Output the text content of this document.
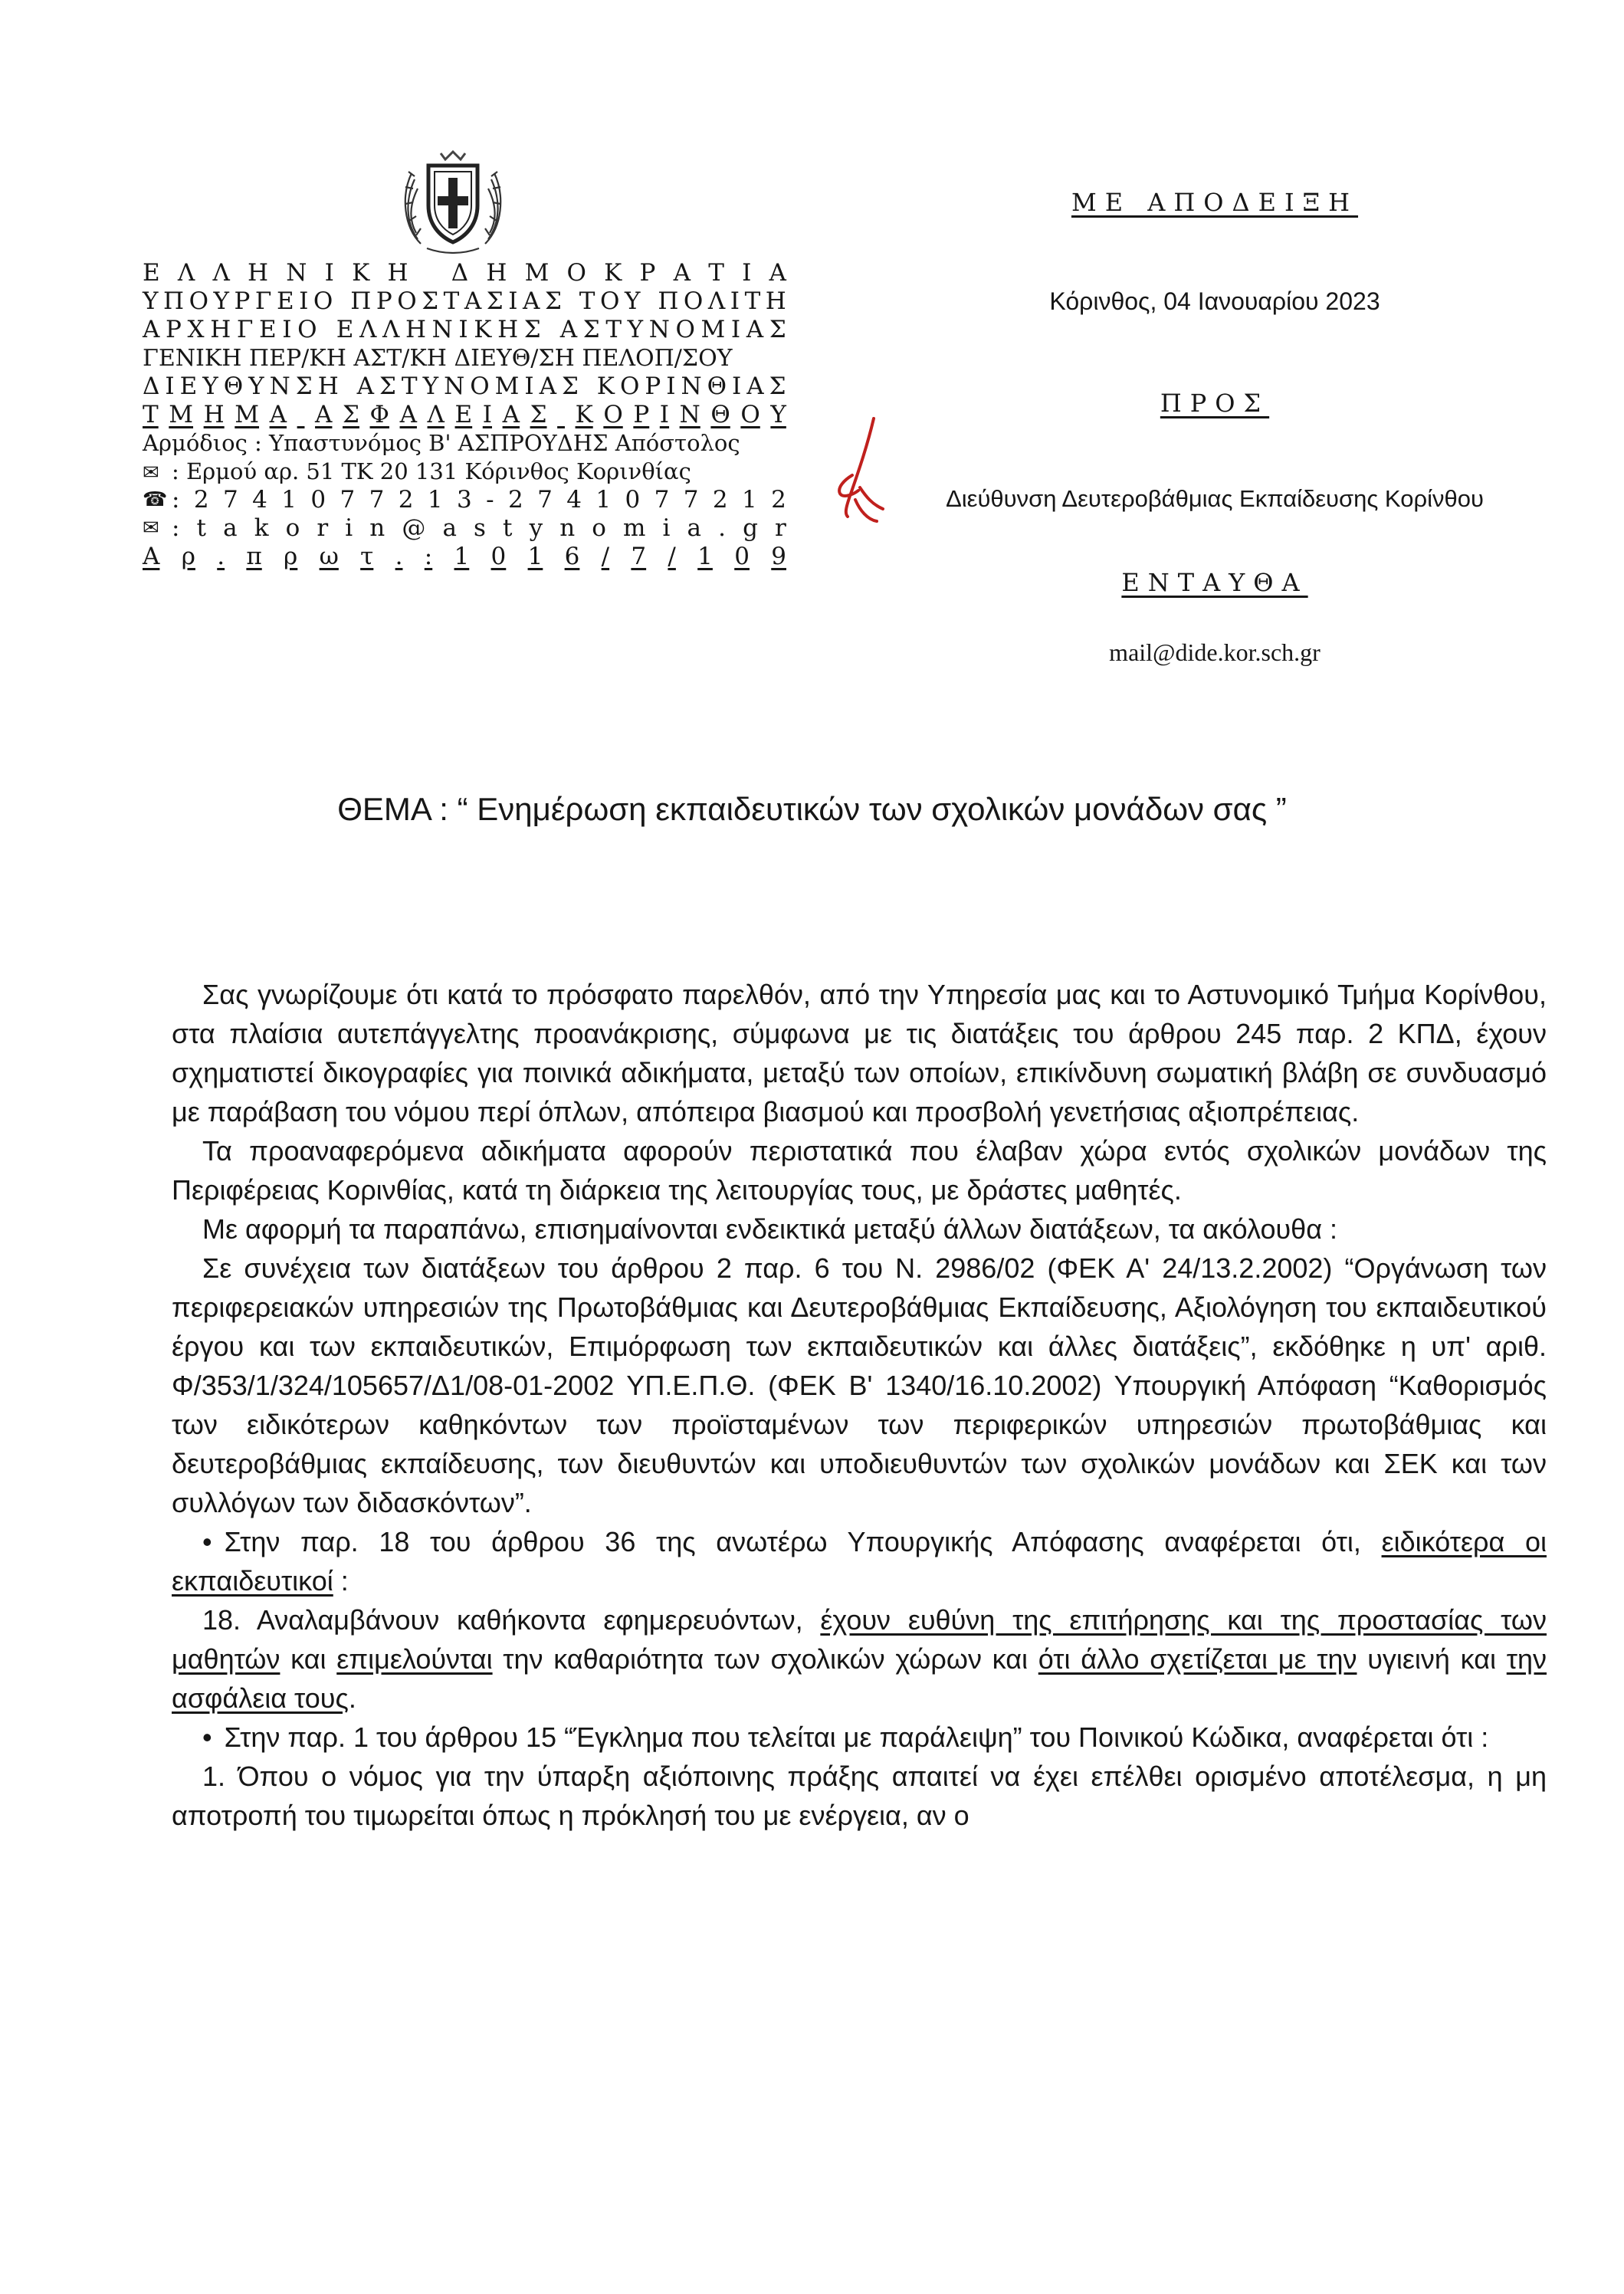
Ε Λ Λ Η Ν Ι Κ Η
Δ Η Μ Ο Κ Ρ Α Τ Ι Α
Υ Π Ο Υ Ρ Γ Ε Ι Ο
Π Ρ Ο Σ Τ Α Σ Ι Α Σ
Τ Ο Υ
Π Ο Λ Ι Τ Η
Α Ρ Χ Η Γ Ε Ι Ο
Ε Λ Λ Η Ν Ι Κ Η Σ
Α Σ Τ Υ Ν Ο Μ Ι Α Σ
ΓΕΝΙΚΗ ΠΕΡ/ΚΗ ΑΣΤ/ΚΗ ΔΙΕΥΘ/ΣΗ ΠΕΛΟΠ/ΣΟΥ
Δ Ι Ε Υ Θ Υ Ν Σ Η
Α Σ Τ Υ Ν Ο Μ Ι Α Σ
Κ Ο Ρ Ι Ν Θ Ι Α Σ
Τ Μ Η Μ Α
Α Σ Φ Α Λ Ε Ι Α Σ
Κ Ο Ρ Ι Ν Θ Ο Υ
Αρμόδιος : Υπαστυνόμος Β' ΑΣΠΡΟΥΔΗΣ Απόστολος
✉ : Ερμού αρ. 51 ΤΚ 20 131 Κόρινθος Κορινθίας
☎ : 2 7 4 1 0 7 7 2 1 3 - 2 7 4 1 0 7 7 2 1 2
✉ : t a k o r i n @ a s t y n o m i a . g r
Α ρ . π ρ ω τ . : 1 0 1 6 / 7 / 1 0 9
ΜΕ ΑΠΟΔΕΙΞΗ
Κόρινθος, 04 Ιανουαρίου 2023
ΠΡΟΣ
Διεύθυνση Δευτεροβάθμιας Εκπαίδευσης Κορίνθου
ΕΝΤΑΥΘΑ
mail@dide.kor.sch.gr
ΘΕΜΑ : “ Ενημέρωση εκπαιδευτικών των σχολικών μονάδων σας ”

Σας γνωρίζουμε ότι κατά το πρόσφατο παρελθόν, από την Υπηρεσία μας και το Αστυνομικό Τμήμα Κορίνθου, στα πλαίσια αυτεπάγγελτης προανάκρισης, σύμφωνα με τις διατάξεις του άρθρου 245 παρ. 2 ΚΠΔ, έχουν σχηματιστεί δικογραφίες για ποινικά αδικήματα, μεταξύ των οποίων, επικίνδυνη σωματική βλάβη σε συνδυασμό με παράβαση του νόμου περί όπλων, απόπειρα βιασμού και προσβολή γενετήσιας αξιοπρέπειας.

Τα προαναφερόμενα αδικήματα αφορούν περιστατικά που έλαβαν χώρα εντός σχολικών μονάδων της Περιφέρειας Κορινθίας, κατά τη διάρκεια της λειτουργίας τους, με δράστες μαθητές.

Με αφορμή τα παραπάνω, επισημαίνονται ενδεικτικά μεταξύ άλλων διατάξεων, τα ακόλουθα :

Σε συνέχεια των διατάξεων του άρθρου 2 παρ. 6 του Ν. 2986/02 (ΦΕΚ Α' 24/13.2.2002) “Οργάνωση των περιφερειακών υπηρεσιών της Πρωτοβάθμιας και Δευτεροβάθμιας Εκπαίδευσης, Αξιολόγηση του εκπαιδευτικού έργου και των εκπαιδευτικών, Επιμόρφωση των εκπαιδευτικών και άλλες διατάξεις”, εκδόθηκε η υπ' αριθ. Φ/353/1/324/105657/Δ1/08-01-2002 ΥΠ.Ε.Π.Θ. (ΦΕΚ Β' 1340/16.10.2002) Υπουργική Απόφαση “Καθορισμός των ειδικότερων καθηκόντων των προϊσταμένων των περιφερικών υπηρεσιών πρωτοβάθμιας και δευτεροβάθμιας εκπαίδευσης, των διευθυντών και υποδιευθυντών των σχολικών μονάδων και ΣΕΚ και των συλλόγων των διδασκόντων”.

• Στην παρ. 18 του άρθρου 36 της ανωτέρω Υπουργικής Απόφασης αναφέρεται ότι, ειδικότερα οι εκπαιδευτικοί :

18. Αναλαμβάνουν καθήκοντα εφημερευόντων, έχουν ευθύνη της επιτήρησης και της προστασίας των μαθητών και επιμελούνται την καθαριότητα των σχολικών χώρων και ότι άλλο σχετίζεται με την υγιεινή και την ασφάλεια τους.

• Στην παρ. 1 του άρθρου 15 “Έγκλημα που τελείται με παράλειψη” του Ποινικού Κώδικα, αναφέρεται ότι :

1. Όπου ο νόμος για την ύπαρξη αξιόποινης πράξης απαιτεί να έχει επέλθει ορισμένο αποτέλεσμα, η μη αποτροπή του τιμωρείται όπως η πρόκλησή του με ενέργεια, αν ο
